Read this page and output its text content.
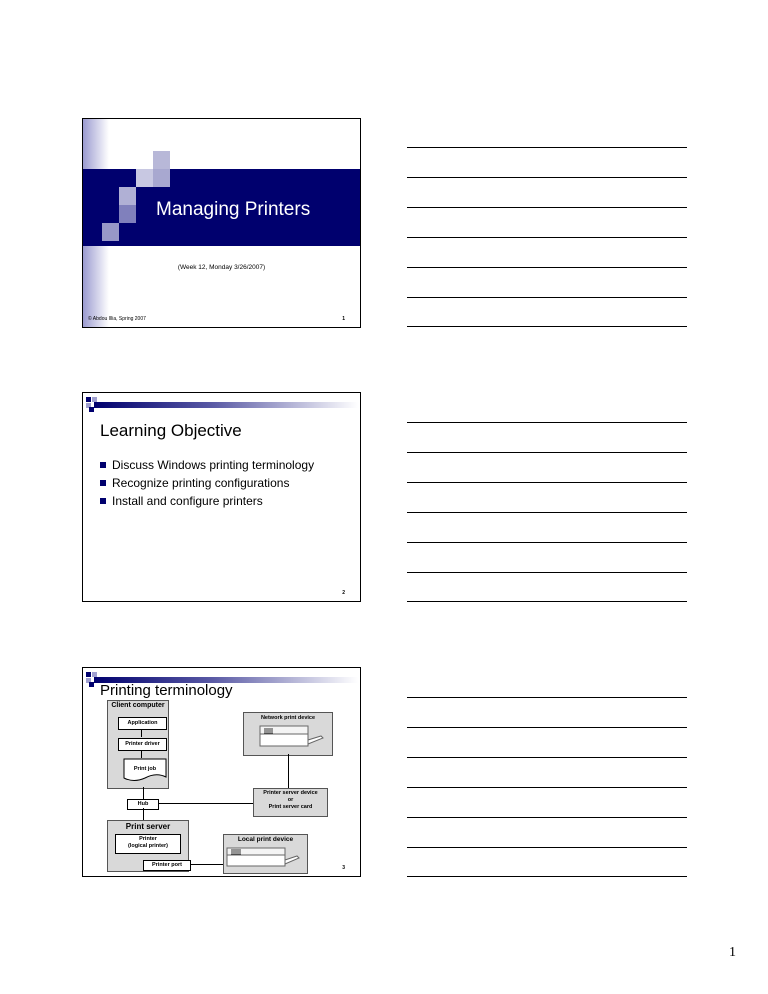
Managing Printers
(Week 12, Monday 3/26/2007)
© Abdou Illia, Spring 2007	1
Learning Objective
Discuss Windows printing terminology
Recognize printing configurations
Install and configure printers
2
Printing terminology
Client computer
Application
Printer driver
Print job
Hub
Print server
Printer
(logical printer)
Printer port
Network print device
Printer server device
or
Print server card
Local print device
3
1
